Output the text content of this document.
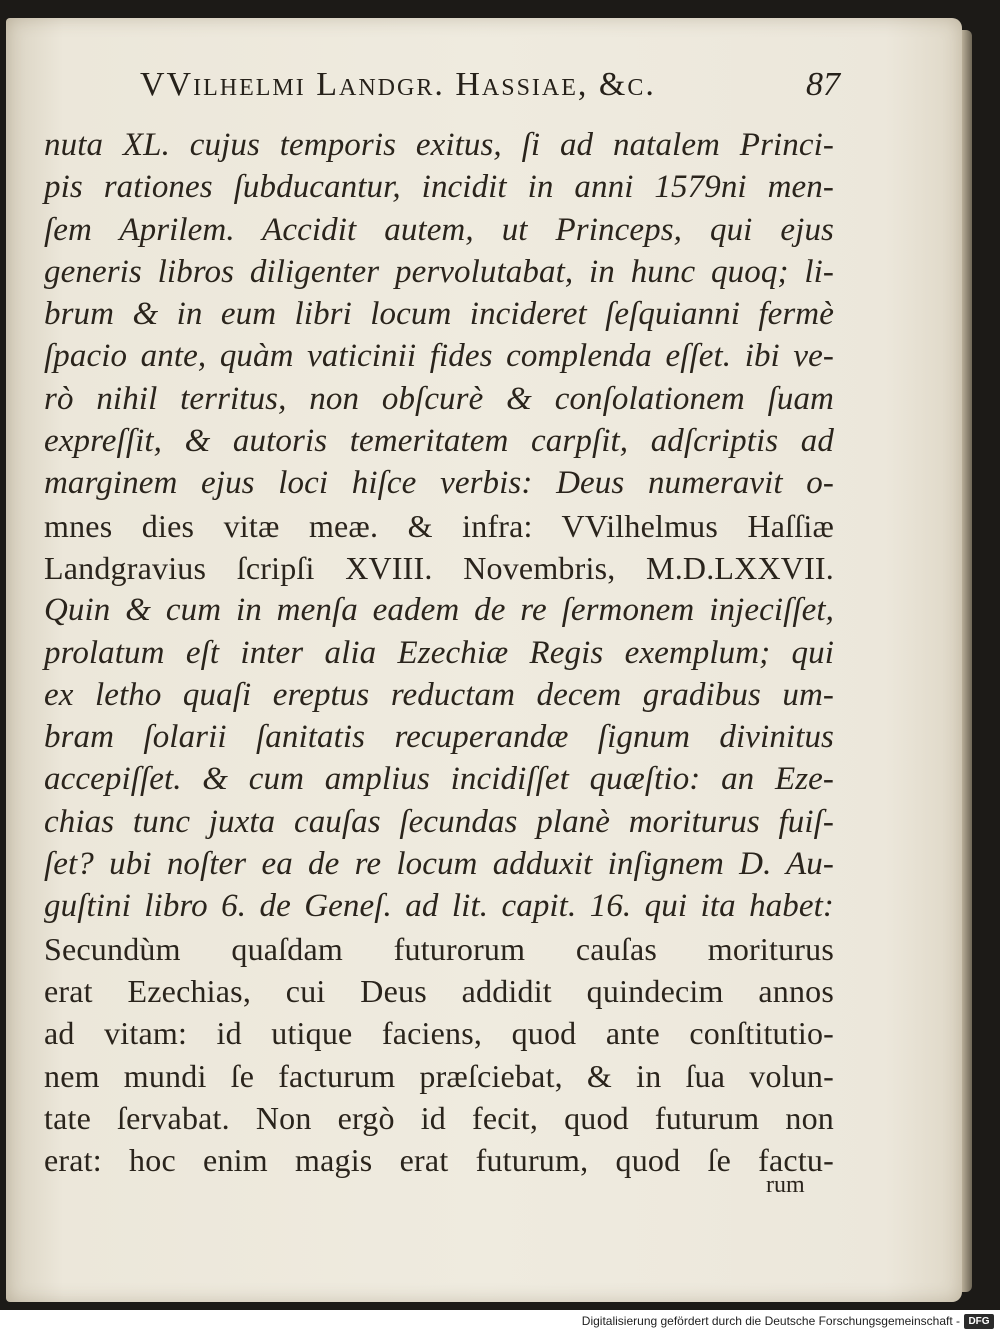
VVilhelmi Landgr. Hassiae, &c.	87
nuta XL. cujus temporis exitus, ſi ad natalem Princi-
pis rationes ſubducantur, incidit in anni 1579ni men-
ſem Aprilem. Accidit autem, ut Princeps, qui ejus
generis libros diligenter pervolutabat, in hunc quoq; li-
brum & in eum libri locum incideret ſeſquianni fermè
ſpacio ante, quàm vaticinii fides complenda eſſet. ibi ve-
rò nihil territus, non obſcurè & conſolationem ſuam
expreſſit, & autoris temeritatem carpſit, adſcriptis ad
marginem ejus loci hiſce verbis: Deus numeravit o-
mnes dies vitæ meæ. & infra: VVilhelmus Haſſiæ
Landgravius ſcripſi XVIII. Novembris, M.D.LXXVII.
Quin & cum in menſa eadem de re ſermonem injeciſſet,
prolatum eſt inter alia Ezechiæ Regis exemplum; qui
ex letho quaſi ereptus reductam decem gradibus um-
bram ſolarii ſanitatis recuperandæ ſignum divinitus
accepiſſet. & cum amplius incidiſſet quæſtio: an Eze-
chias tunc juxta cauſas ſecundas planè moriturus fuiſ-
ſet? ubi noſter ea de re locum adduxit inſignem D. Au-
guſtini libro 6. de Geneſ. ad lit. capit. 16. qui ita habet:
Secundùm quaſdam futurorum cauſas moriturus
erat Ezechias, cui Deus addidit quindecim annos
ad vitam: id utique faciens, quod ante conſtitutio-
nem mundi ſe facturum præſciebat, & in ſua volun-
tate ſervabat. Non ergò id fecit, quod futurum non
erat: hoc enim magis erat futurum, quod ſe factu-
rum
Digitalisierung gefördert durch die Deutsche Forschungsgemeinschaft - DFG
